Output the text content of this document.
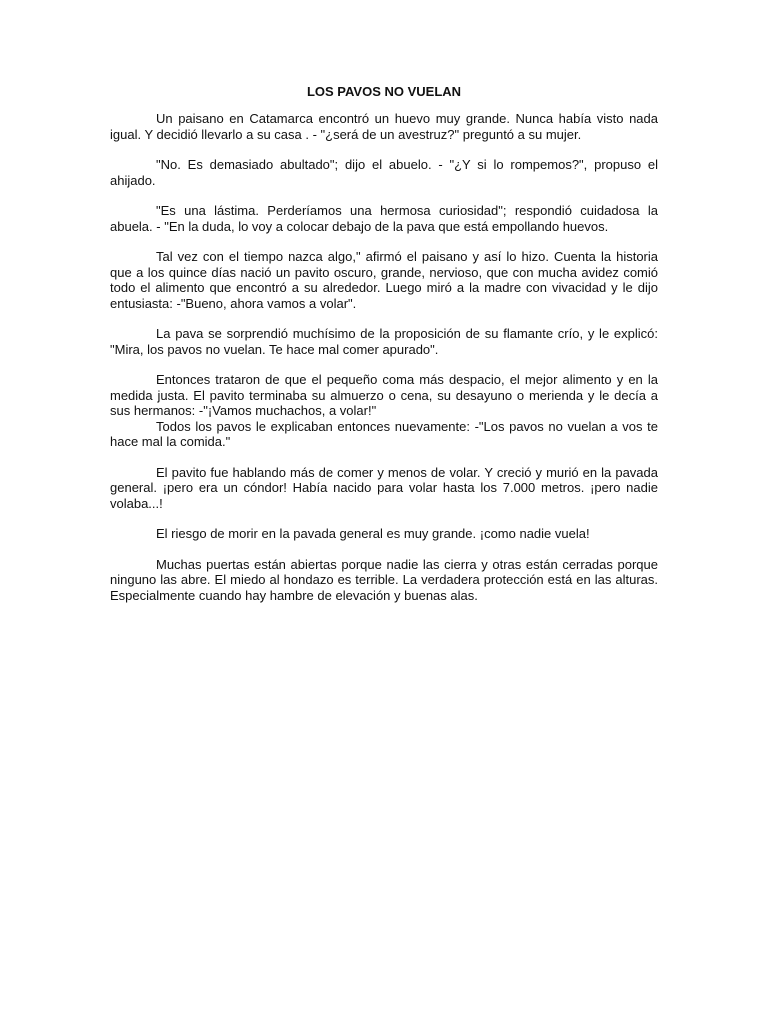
LOS PAVOS NO VUELAN

Un paisano en Catamarca encontró un huevo muy grande. Nunca había visto nada igual. Y decidió llevarlo a su casa . - "¿será de un avestruz?" preguntó a su mujer.

"No. Es demasiado abultado"; dijo el abuelo. - "¿Y si lo rompemos?", propuso el ahijado.

"Es una lástima. Perderíamos una hermosa curiosidad"; respondió cuidadosa la abuela. - "En la duda, lo voy a colocar debajo de la pava que está empollando huevos.

Tal vez con el tiempo nazca algo," afirmó el paisano y así lo hizo. Cuenta la historia que a los quince días nació un pavito oscuro, grande, nervioso, que con mucha avidez comió todo el alimento que encontró a su alrededor. Luego miró a la madre con vivacidad y le dijo entusiasta: -"Bueno, ahora vamos a volar".

La pava se sorprendió muchísimo de la proposición de su flamante crío, y le explicó: "Mira, los pavos no vuelan. Te hace mal comer apurado".

Entonces trataron de que el pequeño coma más despacio, el mejor alimento y en la medida justa. El pavito terminaba su almuerzo o cena, su desayuno o merienda y le decía a sus hermanos: -"¡Vamos muchachos, a volar!"

Todos los pavos le explicaban entonces nuevamente: -"Los pavos no vuelan a vos te hace mal la comida."

El pavito fue hablando más de comer y menos de volar. Y creció y murió en la pavada general. ¡pero era un cóndor! Había nacido para volar hasta los 7.000 metros. ¡pero nadie volaba...!

El riesgo de morir en la pavada general es muy grande. ¡como nadie vuela!

Muchas puertas están abiertas porque nadie las cierra y otras están cerradas porque ninguno las abre. El miedo al hondazo es terrible. La verdadera protección está en las alturas. Especialmente cuando hay hambre de elevación y buenas alas.
